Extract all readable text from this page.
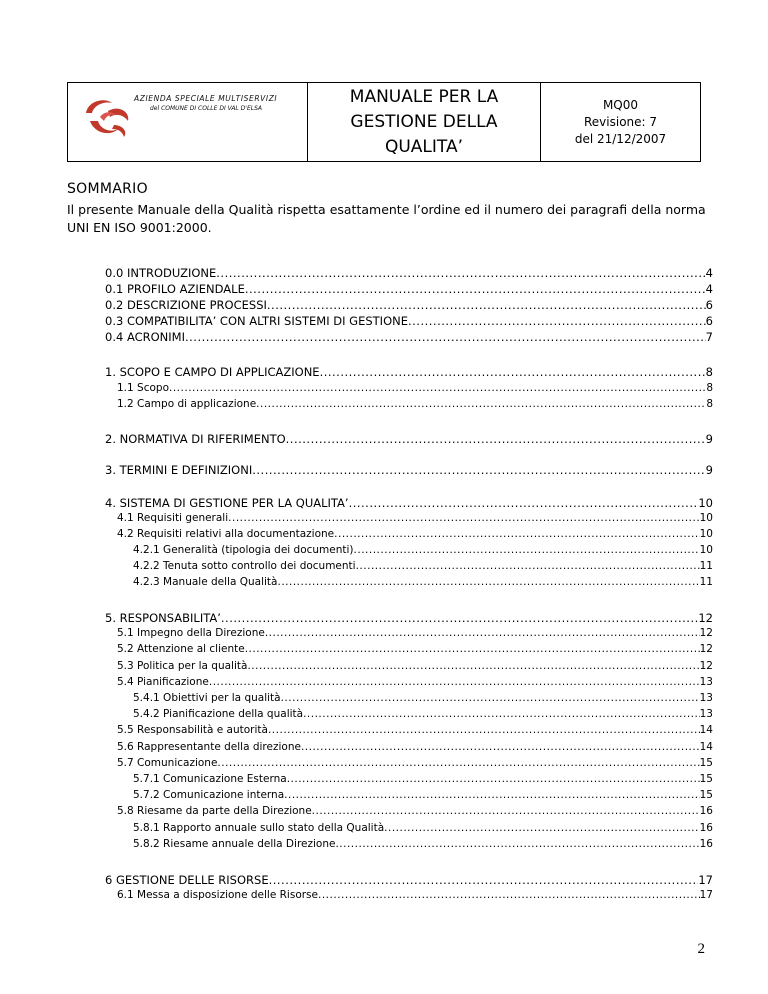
AZIENDA SPECIALE MULTISERVIZI
del COMUNE DI COLLE DI VAL D'ELSA
MANUALE PER LA
GESTIONE DELLA
QUALITA’
MQ00
Revisione: 7
del 21/12/2007
SOMMARIO
Il presente Manuale della Qualità rispetta esattamente l’ordine ed il numero dei paragrafi della norma UNI EN ISO 9001:2000.
0.0 INTRODUZIONE .....	4
0.1 PROFILO AZIENDALE .....	4
0.2 DESCRIZIONE PROCESSI .....	6
0.3 COMPATIBILITA’ CON ALTRI SISTEMI DI GESTIONE .....	6
0.4 ACRONIMI .....	7
1. SCOPO E CAMPO DI APPLICAZIONE .....	8
1.1 Scopo .....	8
1.2 Campo di applicazione .....	8
2. NORMATIVA DI RIFERIMENTO .....	9
3. TERMINI E DEFINIZIONI .....	9
4. SISTEMA DI GESTIONE PER LA QUALITA’ .....	10
4.1 Requisiti generali .....	10
4.2 Requisiti relativi alla documentazione .....	10
4.2.1 Generalità (tipologia dei documenti) .....	10
4.2.2 Tenuta sotto controllo dei documenti .....	11
4.2.3 Manuale della Qualità .....	11
5. RESPONSABILITA’ .....	12
5.1 Impegno della Direzione .....	12
5.2 Attenzione al cliente .....	12
5.3 Politica per la qualità .....	12
5.4 Pianificazione .....	13
5.4.1 Obiettivi per la qualità .....	13
5.4.2 Pianificazione della qualità .....	13
5.5 Responsabilità e autorità .....	14
5.6 Rappresentante della direzione .....	14
5.7 Comunicazione .....	15
5.7.1 Comunicazione Esterna .....	15
5.7.2 Comunicazione interna .....	15
5.8 Riesame da parte della Direzione .....	16
5.8.1 Rapporto annuale sullo stato della Qualità .....	16
5.8.2 Riesame annuale della Direzione .....	16
6 GESTIONE DELLE RISORSE .....	17
6.1 Messa a disposizione delle Risorse .....	17
2
